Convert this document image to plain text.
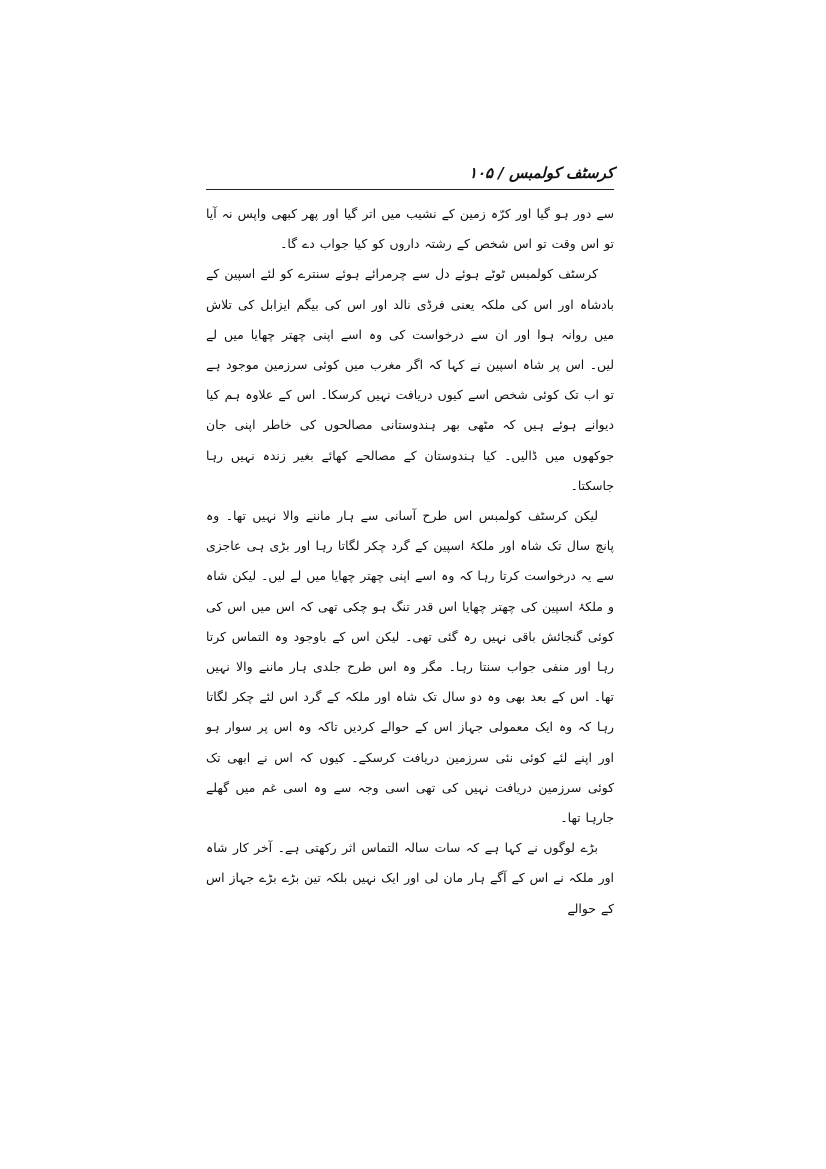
کرسٹف کولمبس / ۱۰۵

سے دور ہو گیا اور کرّہ زمین کے نشیب میں اتر گیا اور پھر کبھی واپس نہ آیا تو اس وقت تو اس شخص کے رشتہ داروں کو کیا جواب دے گا۔

کرسٹف کولمبس ٹوٹے ہوئے دل سے چرمرائے ہوئے سنترے کو لئے اسپین کے بادشاہ اور اس کی ملکہ یعنی فرڈی نالد اور اس کی بیگم ایزابل کی تلاش میں روانہ ہوا اور ان سے درخواست کی وہ اسے اپنی چھتر چھایا میں لے لیں۔ اس پر شاہ اسپین نے کہا کہ اگر مغرب میں کوئی سرزمین موجود ہے تو اب تک کوئی شخص اسے کیوں دریافت نہیں کرسکا۔ اس کے علاوہ ہم کیا دیوانے ہوئے ہیں کہ مٹھی بھر ہندوستانی مصالحوں کی خاطر اپنی جان جوکھوں میں ڈالیں۔ کیا ہندوستان کے مصالحے کھائے بغیر زندہ نہیں رہا جاسکتا۔

لیکن کرسٹف کولمبس اس طرح آسانی سے ہار ماننے والا نہیں تھا۔ وہ پانچ سال تک شاہ اور ملکۂ اسپین کے گرد چکر لگاتا رہا اور بڑی ہی عاجزی سے یہ درخواست کرتا رہا کہ وہ اسے اپنی چھتر چھایا میں لے لیں۔ لیکن شاہ و ملکۂ اسپین کی چھتر چھایا اس قدر تنگ ہو چکی تھی کہ اس میں اس کی کوئی گنجائش باقی نہیں رہ گئی تھی۔ لیکن اس کے باوجود وہ التماس کرتا رہا اور منفی جواب سنتا رہا۔ مگر وہ اس طرح جلدی ہار ماننے والا نہیں تھا۔ اس کے بعد بھی وہ دو سال تک شاہ اور ملکہ کے گرد اس لئے چکر لگاتا رہا کہ وہ ایک معمولی جہاز اس کے حوالے کردیں تاکہ وہ اس پر سوار ہو اور اپنے لئے کوئی نئی سرزمین دریافت کرسکے۔ کیوں کہ اس نے ابھی تک کوئی سرزمین دریافت نہیں کی تھی اسی وجہ سے وہ اسی غم میں گھلے جارہا تھا۔

بڑے لوگوں نے کہا ہے کہ سات سالہ التماس اثر رکھتی ہے۔ آخر کار شاہ اور ملکہ نے اس کے آگے ہار مان لی اور ایک نہیں بلکہ تین بڑے بڑے جہاز اس کے حوالے
